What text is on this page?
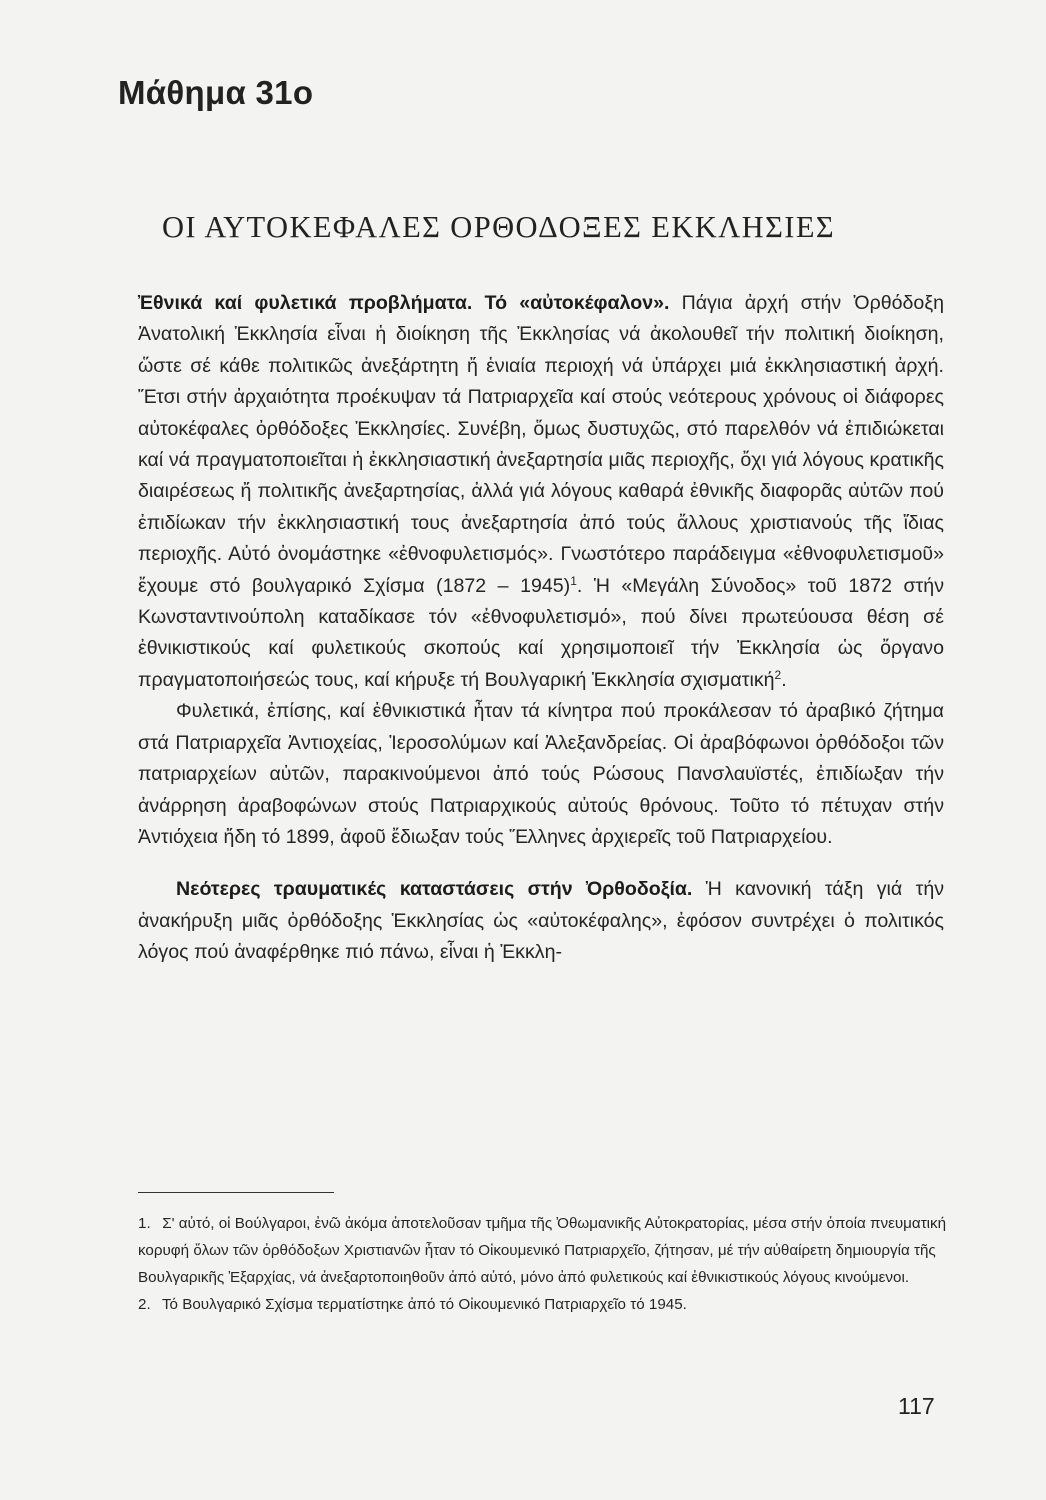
Μάθημα 31ο
ΟΙ ΑΥΤΟΚΕΦΑΛΕΣ ΟΡΘΟΔΟΞΕΣ ΕΚΚΛΗΣΙΕΣ

Ἐθνικά καί φυλετικά προβλήματα. Τό «αὐτοκέφαλον». Πάγια ἀρχή στήν Ὀρθόδοξη Ἀνατολική Ἐκκλησία εἶναι ἡ διοίκηση τῆς Ἐκκλησίας νά ἀκολουθεῖ τήν πολιτική διοίκηση, ὥστε σέ κάθε πολιτικῶς ἀνεξάρτητη ἤ ἑνιαία περιοχή νά ὑπάρχει μιά ἐκκλησιαστική ἀρχή. Ἔτσι στήν ἀρχαιότητα προέκυψαν τά Πατριαρχεῖα καί στούς νεότερους χρόνους οἱ διάφορες αὐτοκέφαλες ὀρθόδοξες Ἐκκλησίες. Συνέβη, ὅμως δυστυχῶς, στό παρελθόν νά ἐπιδιώκεται καί νά πραγματοποιεῖται ἡ ἐκκλησιαστική ἀνεξαρτησία μιᾶς περιοχῆς, ὄχι γιά λόγους κρατικῆς διαιρέσεως ἤ πολιτικῆς ἀνεξαρτησίας, ἀλλά γιά λόγους καθαρά ἐθνικῆς διαφορᾶς αὐτῶν πού ἐπιδίωκαν τήν ἐκκλησιαστική τους ἀνεξαρτησία ἀπό τούς ἄλλους χριστιανούς τῆς ἴδιας περιοχῆς. Αὐτό ὀνομάστηκε «ἐθνοφυλετισμός». Γνωστότερο παράδειγμα «ἐθνοφυλετισμοῦ» ἔχουμε στό βουλγαρικό Σχίσμα (1872 – 1945)$^1$. Ἡ «Μεγάλη Σύνοδος» τοῦ 1872 στήν Κωνσταντινούπολη καταδίκασε τόν «ἐθνοφυλετισμό», πού δίνει πρωτεύουσα θέση σέ ἐθνικιστικούς καί φυλετικούς σκοπούς καί χρησιμοποιεῖ τήν Ἐκκλησία ὡς ὄργανο πραγματοποιήσεώς τους, καί κήρυξε τή Βουλγαρική Ἐκκλησία σχισματική$^2$.

Φυλετικά, ἐπίσης, καί ἐθνικιστικά ἦταν τά κίνητρα πού προκάλεσαν τό ἀραβικό ζήτημα στά Πατριαρχεῖα Ἀντιοχείας, Ἱεροσολύμων καί Ἀλεξανδρείας. Οἱ ἀραβόφωνοι ὀρθόδοξοι τῶν πατριαρχείων αὐτῶν, παρακινούμενοι ἀπό τούς Ρώσους Πανσλαυϊστές, ἐπιδίωξαν τήν ἀνάρρηση ἀραβοφώνων στούς Πατριαρχικούς αὐτούς θρόνους. Τοῦτο τό πέτυχαν στήν Ἀντιόχεια ἤδη τό 1899, ἀφοῦ ἔδιωξαν τούς Ἕλληνες ἀρχιερεῖς τοῦ Πατριαρχείου.

Νεότερες τραυματικές καταστάσεις στήν Ὀρθοδοξία. Ἡ κανονική τάξη γιά τήν ἀνακήρυξη μιᾶς ὀρθόδοξης Ἐκκλησίας ὡς «αὐτοκέφαλης», ἐφόσον συντρέχει ὁ πολιτικός λόγος πού ἀναφέρθηκε πιό πάνω, εἶναι ἡ Ἐκκλη-

1. Σ' αὐτό, οἱ Βούλγαροι, ἐνῶ ἀκόμα ἀποτελοῦσαν τμῆμα τῆς Ὀθωμανικῆς Αὐτοκρατορίας, μέσα στήν ὁποία πνευματική κορυφή ὅλων τῶν ὀρθόδοξων Χριστιανῶν ἦταν τό Οἰκουμενικό Πατριαρχεῖο, ζήτησαν, μέ τήν αὐθαίρετη δημιουργία τῆς Βουλγαρικῆς Ἐξαρχίας, νά ἀνεξαρτοποιηθοῦν ἀπό αὐτό, μόνο ἀπό φυλετικούς καί ἐθνικιστικούς λόγους κινούμενοι.

2. Τό Βουλγαρικό Σχίσμα τερματίστηκε ἀπό τό Οἰκουμενικό Πατριαρχεῖο τό 1945.

117
